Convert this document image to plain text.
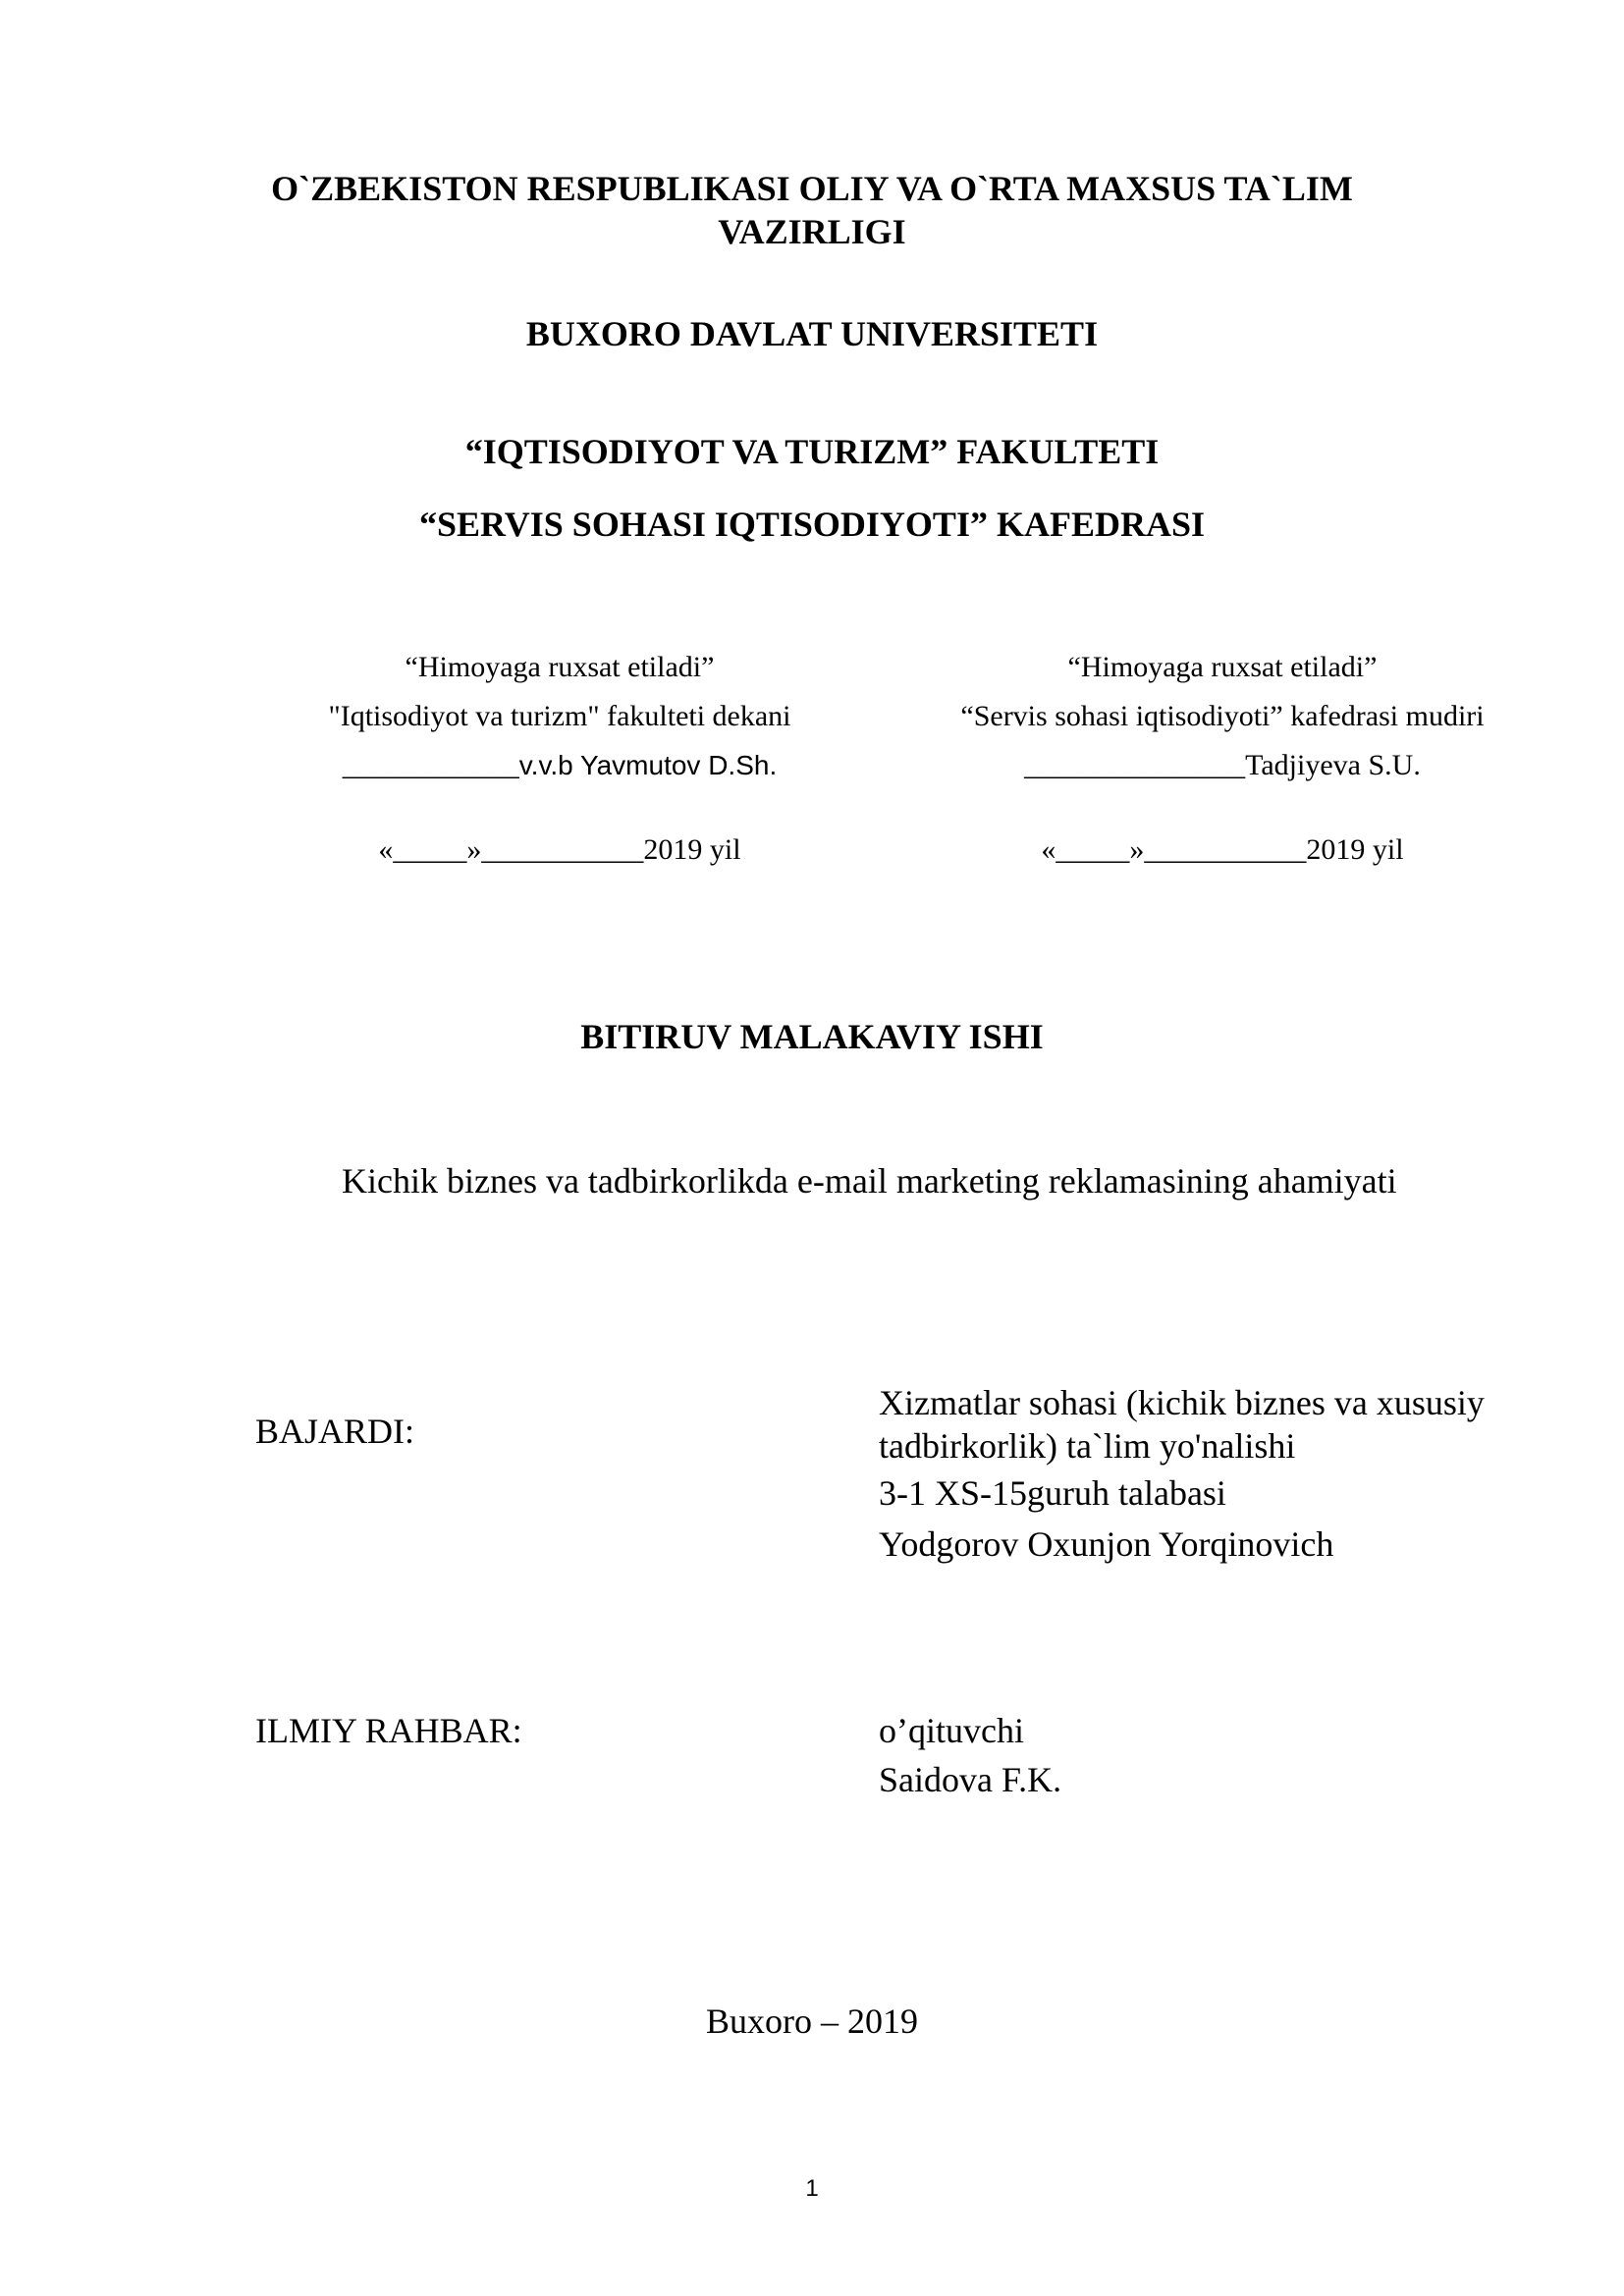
O`ZBEKISTON RESPUBLIKASI OLIY VA O`RTA MAXSUS TA`LIM
VAZIRLIGI
BUXORO DAVLAT UNIVERSITETI
“IQTISODIYOT VA TURIZM” FAKULTETI
“SERVIS SOHASI IQTISODIYOTI” KAFEDRASI
“Himoyaga ruxsat etiladi”
"Iqtisodiyot va turizm" fakulteti dekani
____________v.v.b Yavmutov D.Sh.
«_____»___________2019 yil
“Himoyaga ruxsat etiladi”
“Servis sohasi iqtisodiyoti” kafedrasi mudiri
_______________Tadjiyeva S.U.
«_____»___________2019 yil
BITIRUV MALAKAVIY ISHI
Kichik biznes va tadbirkorlikda e-mail marketing reklamasining ahamiyati
BAJARDI:
Xizmatlar sohasi (kichik biznes va xususiy
tadbirkorlik) ta`lim yo'nalishi
3-1 XS-15guruh talabasi
Yodgorov Oxunjon Yorqinovich
ILMIY RAHBAR:	o’qituvchi
Saidova F.K.
Buxoro – 2019
1
